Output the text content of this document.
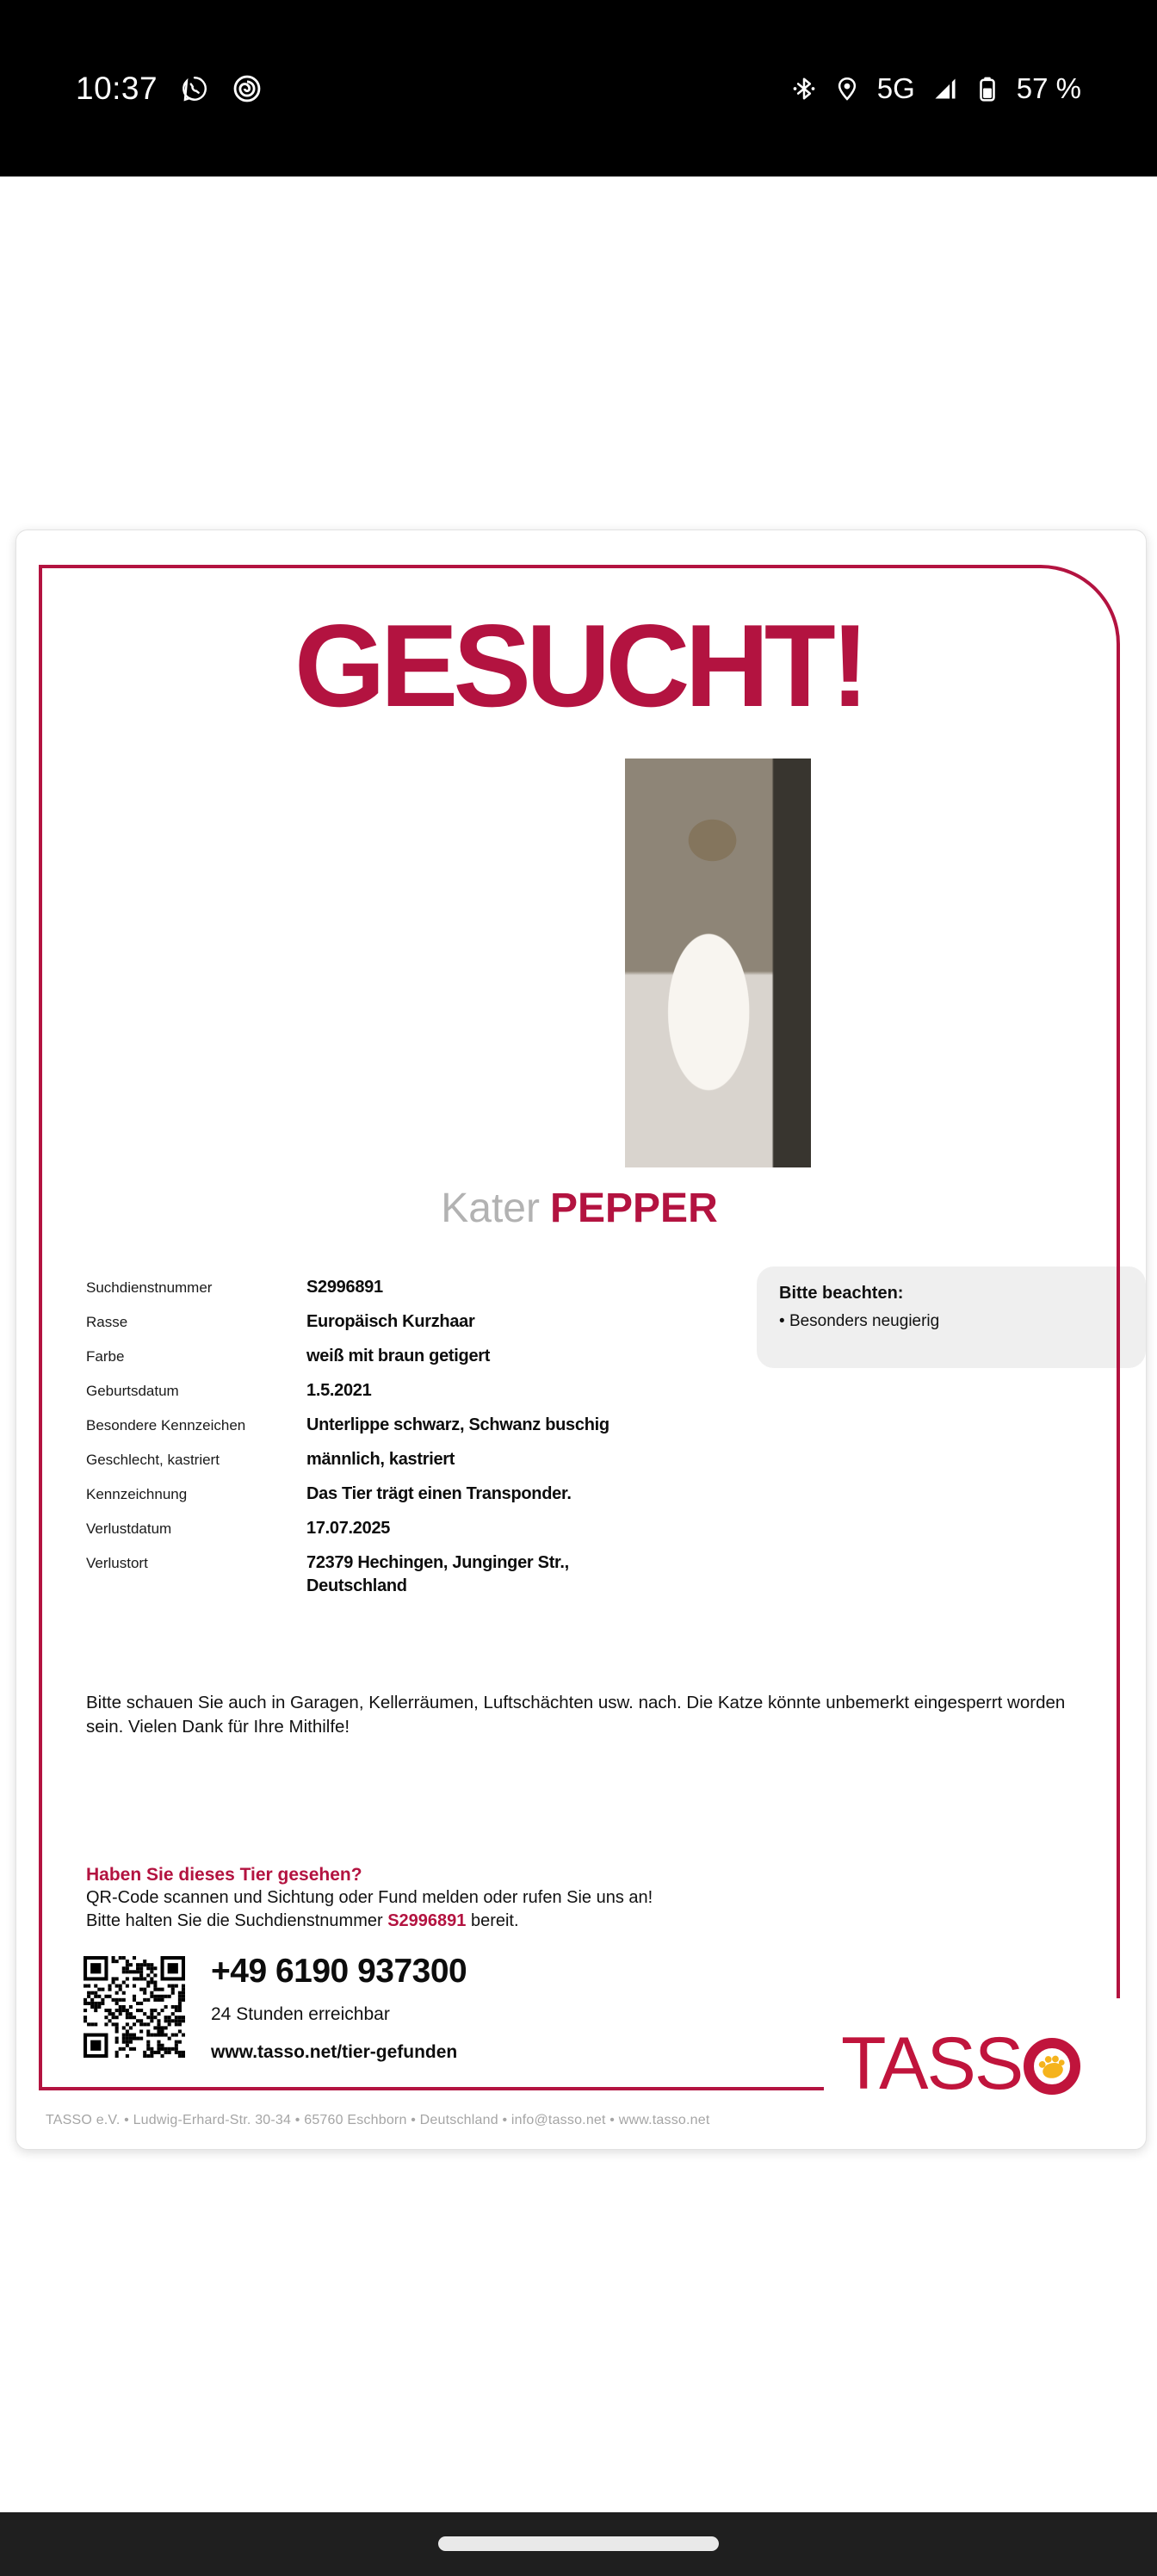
10:37	5G	57 %
GESUCHT!
Kater PEPPER
Suchdienstnummer	S2996891
Rasse	Europäisch Kurzhaar
Farbe	weiß mit braun getigert
Geburtsdatum	1.5.2021
Besondere Kennzeichen	Unterlippe schwarz, Schwanz buschig
Geschlecht, kastriert	männlich, kastriert
Kennzeichnung	Das Tier trägt einen Transponder.
Verlustdatum	17.07.2025
Verlustort	72379 Hechingen, Junginger Str., Deutschland
Bitte beachten:
• Besonders neugierig
Bitte schauen Sie auch in Garagen, Kellerräumen, Luftschächten usw. nach. Die Katze könnte unbemerkt eingesperrt worden sein. Vielen Dank für Ihre Mithilfe!
Haben Sie dieses Tier gesehen?
QR-Code scannen und Sichtung oder Fund melden oder rufen Sie uns an!
Bitte halten Sie die Suchdienstnummer S2996891 bereit.
+49 6190 937300
24 Stunden erreichbar
www.tasso.net/tier-gefunden	TASS
TASSO e.V. • Ludwig-Erhard-Str. 30-34 • 65760 Eschborn • Deutschland • info@tasso.net • www.tasso.net
